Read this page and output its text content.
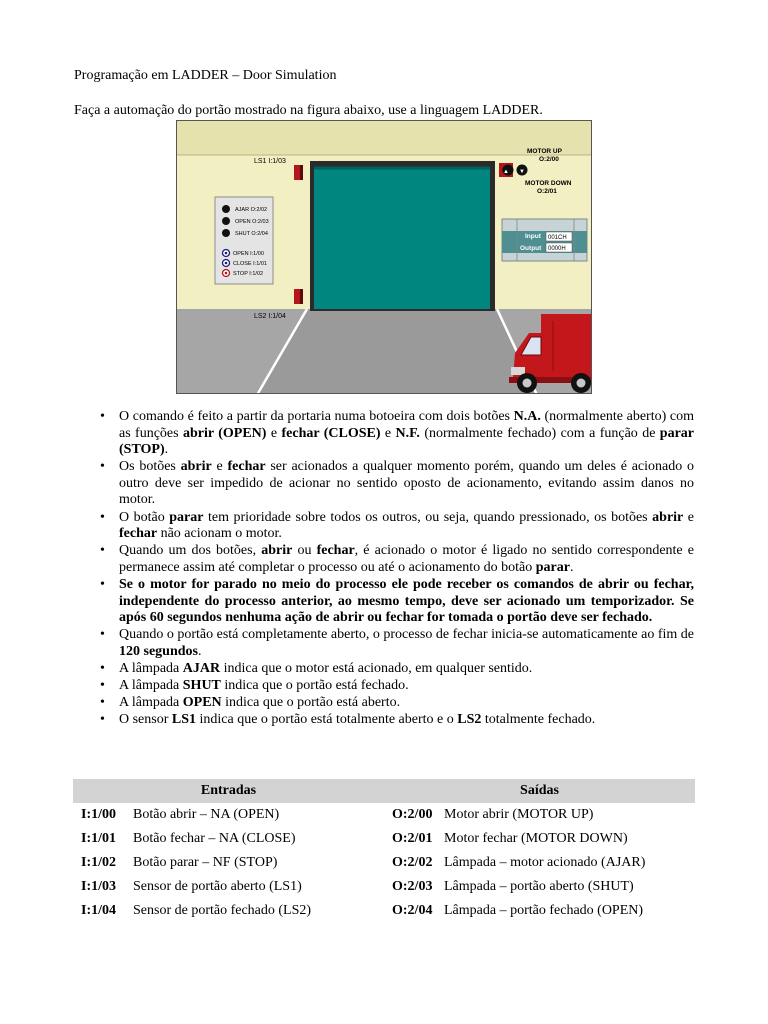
Programação em LADDER – Door Simulation
Faça a automação do portão mostrado na figura abaixo, use a linguagem LADDER.
LS1 I:1/03
LS2 I:1/04
▲ ▼
MOTOR UP
O:2/00
MOTOR DOWN
O:2/01
AJAR O:2/02
OPEN O:2/03
SHUT O:2/04
OPEN I:1/00
CLOSE I:1/01
STOP I:1/02
Input 001CH
Output 0000H
• O comando é feito a partir da portaria numa botoeira com dois botões N.A. (normalmente aberto) com as funções abrir (OPEN) e fechar (CLOSE) e N.F. (normalmente fechado) com a função de parar (STOP).
• Os botões abrir e fechar ser acionados a qualquer momento porém, quando um deles é acionado o outro deve ser impedido de acionar no sentido oposto de acionamento, evitando assim danos no motor.
• O botão parar tem prioridade sobre todos os outros, ou seja, quando pressionado, os botões abrir e fechar não acionam o motor.
• Quando um dos botões, abrir ou fechar, é acionado o motor é ligado no sentido correspondente e permanece assim até completar o processo ou até o acionamento do botão parar.
• Se o motor for parado no meio do processo ele pode receber os comandos de abrir ou fechar, independente do processo anterior, ao mesmo tempo, deve ser acionado um temporizador. Se após 60 segundos nenhuma ação de abrir ou fechar for tomada o portão deve ser fechado.
• Quando o portão está completamente aberto, o processo de fechar inicia-se automaticamente ao fim de 120 segundos.
• A lâmpada AJAR indica que o motor está acionado, em qualquer sentido.
• A lâmpada SHUT indica que o portão está fechado.
• A lâmpada OPEN indica que o portão está aberto.
• O sensor LS1 indica que o portão está totalmente aberto e o LS2 totalmente fechado.
Entradas	Saídas
I:1/00	Botão abrir – NA (OPEN)	O:2/00 Motor abrir (MOTOR UP)
I:1/01	Botão fechar – NA (CLOSE)	O:2/01 Motor fechar (MOTOR DOWN)
I:1/02	Botão parar – NF (STOP)	O:2/02 Lâmpada – motor acionado (AJAR)
I:1/03	Sensor de portão aberto (LS1)	O:2/03 Lâmpada – portão aberto (SHUT)
I:1/04	Sensor de portão fechado (LS2)	O:2/04 Lâmpada – portão fechado (OPEN)
